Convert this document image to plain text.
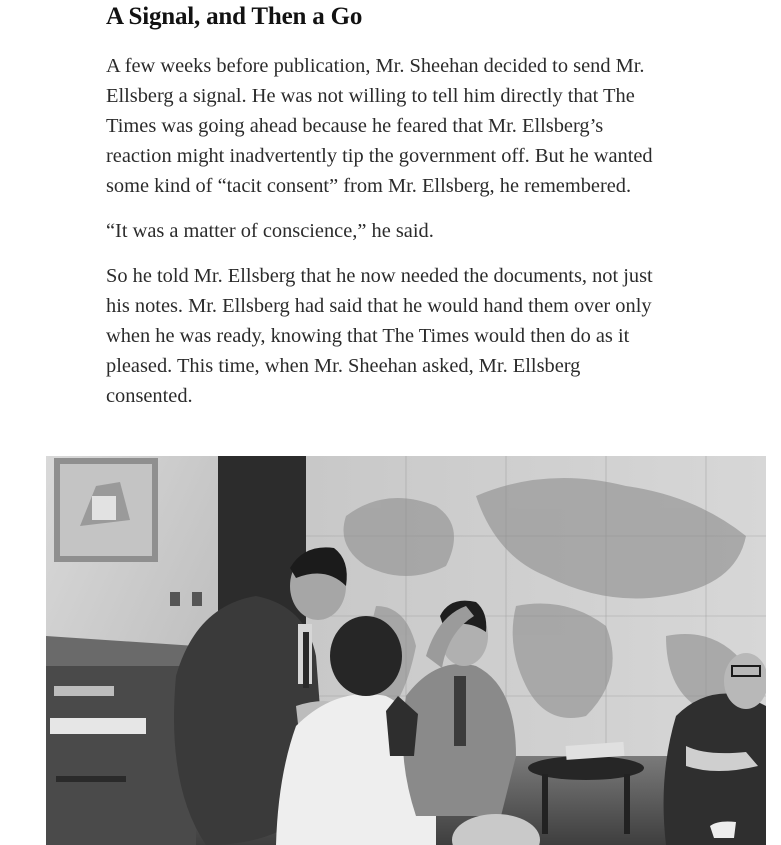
A Signal, and Then a Go

A few weeks before publication, Mr. Sheehan decided to send Mr.
Ellsberg a signal. He was not willing to tell him directly that The
Times was going ahead because he feared that Mr. Ellsberg’s
reaction might inadvertently tip the government off. But he wanted
some kind of “tacit consent” from Mr. Ellsberg, he remembered.

“It was a matter of conscience,” he said.

So he told Mr. Ellsberg that he now needed the documents, not just
his notes. Mr. Ellsberg had said that he would hand them over only
when he was ready, knowing that The Times would then do as it
pleased. This time, when Mr. Sheehan asked, Mr. Ellsberg
consented.
